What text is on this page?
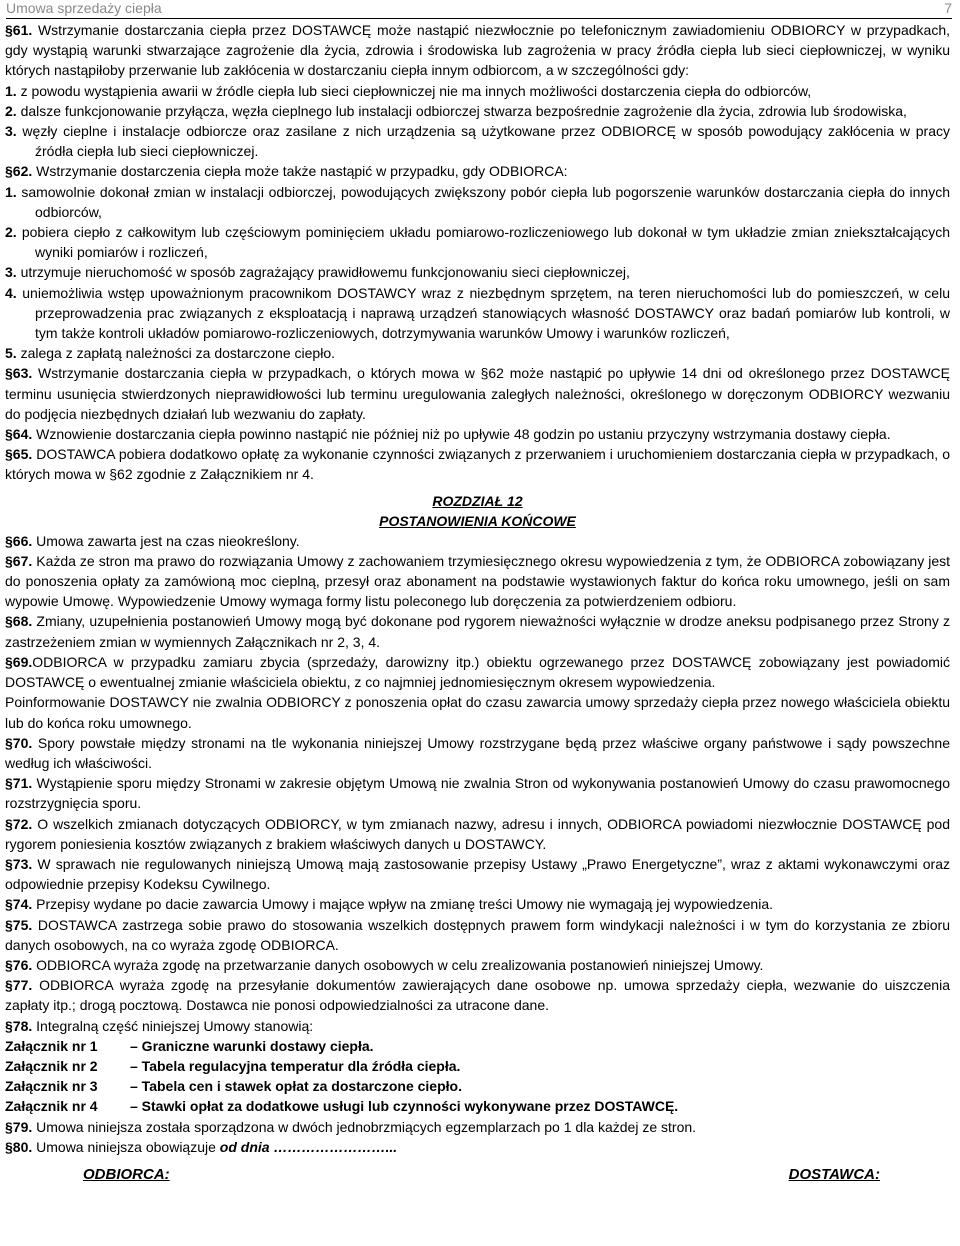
Umowa sprzedaży ciepła	7

§61. Wstrzymanie dostarczania ciepła przez DOSTAWCĘ może nastąpić niezwłocznie po telefonicznym zawiadomieniu ODBIORCY w przypadkach, gdy wystąpią warunki stwarzające zagrożenie dla życia, zdrowia i środowiska lub zagrożenia w pracy źródła ciepła lub sieci ciepłowniczej, w wyniku których nastąpiłoby przerwanie lub zakłócenia w dostarczaniu ciepła innym odbiorcom, a w szczególności gdy:

1. z powodu wystąpienia awarii w źródle ciepła lub sieci ciepłowniczej nie ma innych możliwości dostarczenia ciepła do odbiorców,

2. dalsze funkcjonowanie przyłącza, węzła cieplnego lub instalacji odbiorczej stwarza bezpośrednie zagrożenie dla życia, zdrowia lub środowiska,

3. węzły cieplne i instalacje odbiorcze oraz zasilane z nich urządzenia są użytkowane przez ODBIORCĘ w sposób powodujący zakłócenia w pracy źródła ciepła lub sieci ciepłowniczej.

§62. Wstrzymanie dostarczenia ciepła może także nastąpić w przypadku, gdy ODBIORCA:

1. samowolnie dokonał zmian w instalacji odbiorczej, powodujących zwiększony pobór ciepła lub pogorszenie warunków dostarczania ciepła do innych odbiorców,

2. pobiera ciepło z całkowitym lub częściowym pominięciem układu pomiarowo-rozliczeniowego lub dokonał w tym układzie zmian zniekształcających wyniki pomiarów i rozliczeń,

3. utrzymuje nieruchomość w sposób zagrażający prawidłowemu funkcjonowaniu sieci ciepłowniczej,

4. uniemożliwia wstęp upoważnionym pracownikom DOSTAWCY wraz z niezbędnym sprzętem, na teren nieruchomości lub do pomieszczeń, w celu przeprowadzenia prac związanych z eksploatacją i naprawą urządzeń stanowiących własność DOSTAWCY oraz badań pomiarów lub kontroli, w tym także kontroli układów pomiarowo-rozliczeniowych, dotrzymywania warunków Umowy i warunków rozliczeń,

5. zalega z zapłatą należności za dostarczone ciepło.

§63. Wstrzymanie dostarczania ciepła w przypadkach, o których mowa w §62 może nastąpić po upływie 14 dni od określonego przez DOSTAWCĘ terminu usunięcia stwierdzonych nieprawidłowości lub terminu uregulowania zaległych należności, określonego w doręczonym ODBIORCY wezwaniu do podjęcia niezbędnych działań lub wezwaniu do zapłaty.

§64. Wznowienie dostarczania ciepła powinno nastąpić nie później niż po upływie 48 godzin po ustaniu przyczyny wstrzymania dostawy ciepła.

§65. DOSTAWCA pobiera dodatkowo opłatę za wykonanie czynności związanych z przerwaniem i uruchomieniem dostarczania ciepła w przypadkach, o których mowa w §62 zgodnie z Załącznikiem nr 4.

ROZDZIAŁ 12
POSTANOWIENIA KOŃCOWE

§66. Umowa zawarta jest na czas nieokreślony.

§67. Każda ze stron ma prawo do rozwiązania Umowy z zachowaniem trzymiesięcznego okresu wypowiedzenia z tym, że ODBIORCA zobowiązany jest do ponoszenia opłaty za zamówioną moc cieplną, przesył oraz abonament na podstawie wystawionych faktur do końca roku umownego, jeśli on sam wypowie Umowę. Wypowiedzenie Umowy wymaga formy listu poleconego lub doręczenia za potwierdzeniem odbioru.

§68. Zmiany, uzupełnienia postanowień Umowy mogą być dokonane pod rygorem nieważności wyłącznie w drodze aneksu podpisanego przez Strony z zastrzeżeniem zmian w wymiennych Załącznikach nr 2, 3, 4.

§69.ODBIORCA w przypadku zamiaru zbycia (sprzedaży, darowizny itp.) obiektu ogrzewanego przez DOSTAWCĘ zobowiązany jest powiadomić DOSTAWCĘ o ewentualnej zmianie właściciela obiektu, z co najmniej jednomiesięcznym okresem wypowiedzenia.

Poinformowanie DOSTAWCY nie zwalnia ODBIORCY z ponoszenia opłat do czasu zawarcia umowy sprzedaży ciepła przez nowego właściciela obiektu lub do końca roku umownego.

§70. Spory powstałe między stronami na tle wykonania niniejszej Umowy rozstrzygane będą przez właściwe organy państwowe i sądy powszechne według ich właściwości.

§71. Wystąpienie sporu między Stronami w zakresie objętym Umową nie zwalnia Stron od wykonywania postanowień Umowy do czasu prawomocnego rozstrzygnięcia sporu.

§72. O wszelkich zmianach dotyczących ODBIORCY, w tym zmianach nazwy, adresu i innych, ODBIORCA powiadomi niezwłocznie DOSTAWCĘ pod rygorem poniesienia kosztów związanych z brakiem właściwych danych u DOSTAWCY.

§73. W sprawach nie regulowanych niniejszą Umową mają zastosowanie przepisy Ustawy „Prawo Energetyczne”, wraz z aktami wykonawczymi oraz odpowiednie przepisy Kodeksu Cywilnego.

§74. Przepisy wydane po dacie zawarcia Umowy i mające wpływ na zmianę treści Umowy nie wymagają jej wypowiedzenia.

§75. DOSTAWCA zastrzega sobie prawo do stosowania wszelkich dostępnych prawem form windykacji należności i w tym do korzystania ze zbioru danych osobowych, na co wyraża zgodę ODBIORCA.

§76. ODBIORCA wyraża zgodę na przetwarzanie danych osobowych w celu zrealizowania postanowień niniejszej Umowy.

§77. ODBIORCA wyraża zgodę na przesyłanie dokumentów zawierających dane osobowe np. umowa sprzedaży ciepła, wezwanie do uiszczenia zapłaty itp.; drogą pocztową. Dostawca nie ponosi odpowiedzialności za utracone dane.

§78. Integralną część niniejszej Umowy stanowią:

Załącznik nr 1	– Graniczne warunki dostawy ciepła.
Załącznik nr 2	– Tabela regulacyjna temperatur dla źródła ciepła.
Załącznik nr 3	– Tabela cen i stawek opłat za dostarczone ciepło.
Załącznik nr 4	– Stawki opłat za dodatkowe usługi lub czynności wykonywane przez DOSTAWCĘ.

§79. Umowa niniejsza została sporządzona w dwóch jednobrzmiących egzemplarzach po 1 dla każdej ze stron.

§80. Umowa niniejsza obowiązuje od dnia ……………………...

ODBIORCA:	DOSTAWCA:
